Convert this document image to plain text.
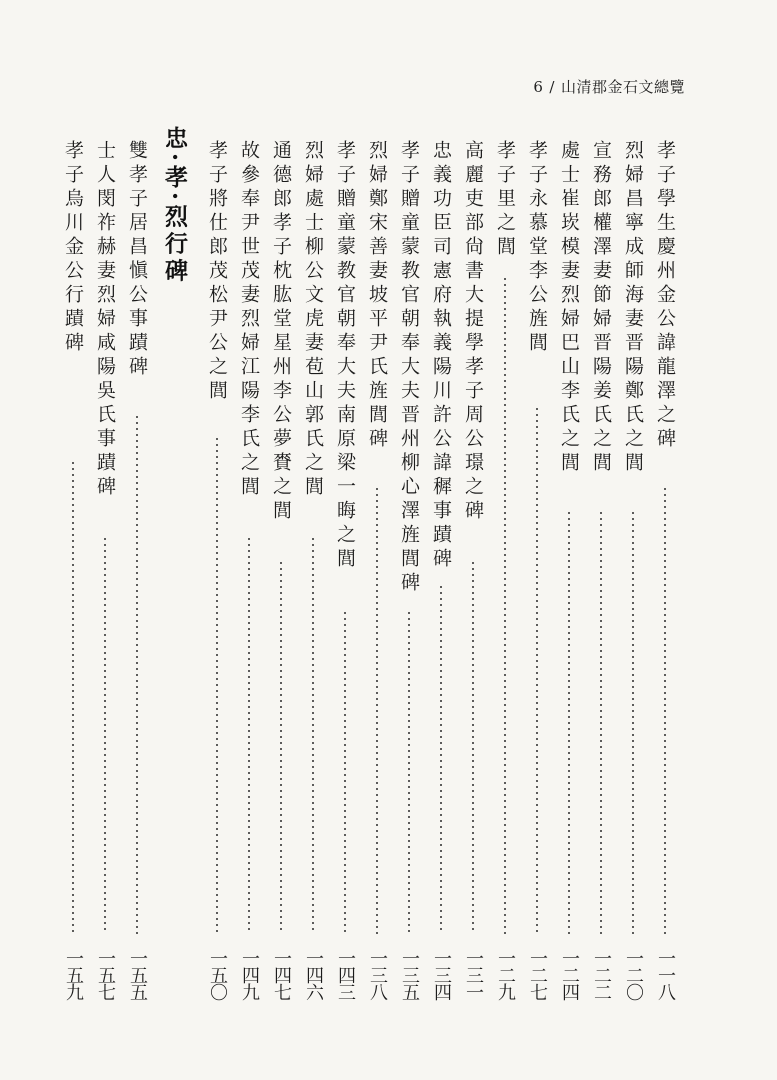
6 / 山清郡金石文總覽
孝子學生慶州金公諱龍澤之碑
一一八
烈婦昌寧成師海妻晋陽鄭氏之閭
一二〇
宣務郎權澤妻節婦晋陽姜氏之閭
一二二
處士崔崁模妻烈婦巴山李氏之閭
一二四
孝子永慕堂李公旌閭
一二七
孝子里之閭
一二九
高麗吏部尙書大提學孝子周公璟之碑
一三一
忠義功臣司憲府執義陽川許公諱穉事蹟碑
一三四
孝子贈童蒙教官朝奉大夫晋州柳心澤旌閭碑
一三五
烈婦鄭宋善妻坡平尹氏旌閭碑
一三八
孝子贈童蒙教官朝奉大夫南原梁一晦之閭
一四三
烈婦處士柳公文虎妻苞山郭氏之閭
一四六
通德郎孝子枕肱堂星州李公夢賚之閭
一四七
故參奉尹世茂妻烈婦江陽李氏之閭
一四九
孝子將仕郎茂松尹公之閭
一五〇
忠·孝·烈行碑
雙孝子居昌愼公事蹟碑
一五五
士人閔祚赫妻烈婦咸陽吳氏事蹟碑
一五七
孝子烏川金公行蹟碑
一五九
